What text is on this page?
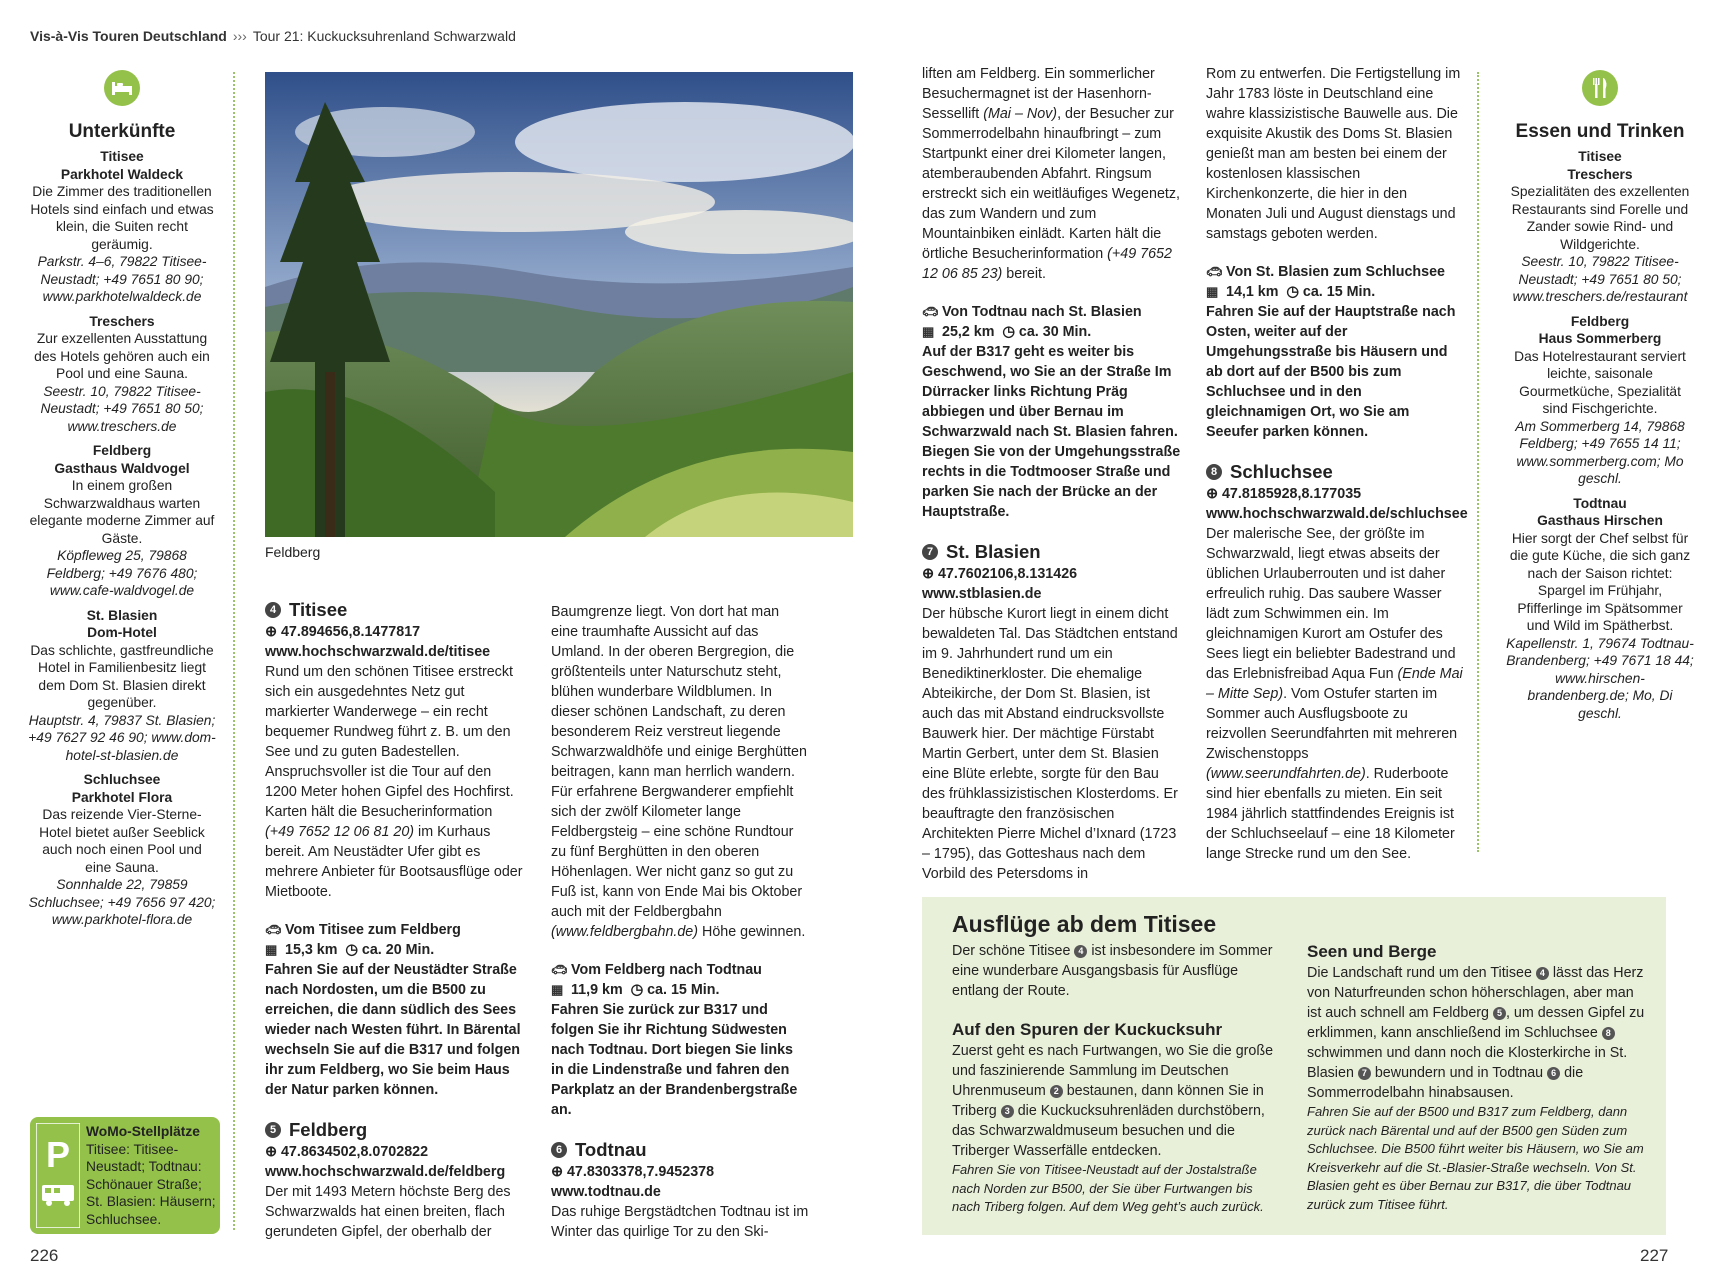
Vis-à-Vis Touren Deutschland ››› Tour 21: Kuckucksuhrenland Schwarzwald
Unterkünfte
Titisee
Parkhotel Waldeck
Die Zimmer des traditionellen Hotels sind einfach und etwas klein, die Suiten recht geräumig.
Parkstr. 4–6, 79822 Titisee-Neustadt; +49 7651 80 90; www.parkhotelwaldeck.de
Treschers
Zur exzellenten Ausstattung des Hotels gehören auch ein Pool und eine Sauna.
Seestr. 10, 79822 Titisee-Neustadt; +49 7651 80 50; www.treschers.de
Feldberg
Gasthaus Waldvogel
In einem großen Schwarzwaldhaus warten elegante moderne Zimmer auf Gäste.
Köpfleweg 25, 79868 Feldberg; +49 7676 480; www.cafe-waldvogel.de
St. Blasien
Dom-Hotel
Das schlichte, gastfreundliche Hotel in Familienbesitz liegt dem Dom St. Blasien direkt gegenüber.
Hauptstr. 4, 79837 St. Blasien; +49 7627 92 46 90; www.dom-hotel-st-blasien.de
Schluchsee
Parkhotel Flora
Das reizende Vier-Sterne-Hotel bietet außer Seeblick auch noch einen Pool und eine Sauna.
Sonnhalde 22, 79859 Schluchsee; +49 7656 97 420; www.parkhotel-flora.de
P
WoMo-Stellplätze
Titisee: Titisee-Neustadt; Todtnau: Schönauer Straße; St. Blasien: Häusern; Schluchsee.
226	227
Feldberg
4 Titisee
⊕ 47.894656,8.1477817
www.hochschwarzwald.de/titisee

Rund um den schönen Titisee erstreckt sich ein ausgedehntes Netz gut markierter Wanderwege – ein recht bequemer Rundweg führt z. B. um den See und zu guten Badestellen. Anspruchsvoller ist die Tour auf den 1200 Meter hohen Gipfel des Hochfirst. Karten hält die Besucherinformation (+49 7652 12 06 81 20) im Kurhaus bereit. Am Neustädter Ufer gibt es mehrere Anbieter für Bootsausflüge oder Mietboote.

🚗︎ Vom Titisee zum Feldberg
▦ 15,3 km ◷ ca. 20 Min.
Fahren Sie auf der Neustädter Straße nach Nordosten, um die B500 zu erreichen, die dann südlich des Sees wieder nach Westen führt. In Bärental wechseln Sie auf die B317 und folgen ihr zum Feldberg, wo Sie beim Haus der Natur parken können.
5 Feldberg
⊕ 47.8634502,8.0702822
www.hochschwarzwald.de/feldberg

Der mit 1493 Metern höchste Berg des Schwarzwalds hat einen breiten, flach gerundeten Gipfel, der oberhalb der

Baumgrenze liegt. Von dort hat man eine traumhafte Aussicht auf das Umland. In der oberen Bergregion, die größtenteils unter Naturschutz steht, blühen wunderbare Wildblumen. In dieser schönen Landschaft, zu deren besonderem Reiz verstreut liegende Schwarzwaldhöfe und einige Berghütten beitragen, kann man herrlich wandern. Für erfahrene Bergwanderer empfiehlt sich der zwölf Kilometer lange Feldbergsteig – eine schöne Rundtour zu fünf Berghütten in den oberen Höhenlagen. Wer nicht ganz so gut zu Fuß ist, kann von Ende Mai bis Oktober auch mit der Feldbergbahn (www.feldbergbahn.de) Höhe gewinnen.

🚗︎ Vom Feldberg nach Todtnau
▦ 11,9 km ◷ ca. 15 Min.
Fahren Sie zurück zur B317 und folgen Sie ihr Richtung Südwesten nach Todtnau. Dort biegen Sie links in die Lindenstraße und fahren den Parkplatz an der Brandenbergstraße an.
6 Todtnau
⊕ 47.8303378,7.9452378
www.todtnau.de

Das ruhige Bergstädtchen Todtnau ist im Winter das quirlige Tor zu den Ski-

liften am Feldberg. Ein sommerlicher Besuchermagnet ist der Hasenhorn-Sessellift (Mai – Nov), der Besucher zur Sommerrodelbahn hinaufbringt – zum Startpunkt einer drei Kilometer langen, atemberaubenden Abfahrt. Ringsum erstreckt sich ein weitläufiges Wegenetz, das zum Wandern und zum Mountainbiken einlädt. Karten hält die örtliche Besucherinformation (+49 7652 12 06 85 23) bereit.

🚗︎ Von Todtnau nach St. Blasien
▦ 25,2 km ◷ ca. 30 Min.
Auf der B317 geht es weiter bis Geschwend, wo Sie an der Straße Im Dürracker links Richtung Präg abbiegen und über Bernau im Schwarzwald nach St. Blasien fahren. Biegen Sie von der Umgehungsstraße rechts in die Todtmooser Straße und parken Sie nach der Brücke an der Hauptstraße.
7 St. Blasien
⊕ 47.7602106,8.131426
www.stblasien.de

Der hübsche Kurort liegt in einem dicht bewaldeten Tal. Das Städtchen entstand im 9. Jahrhundert rund um ein Benediktinerkloster. Die ehemalige Abteikirche, der Dom St. Blasien, ist auch das mit Abstand eindrucksvollste Bauwerk hier. Der mächtige Fürstabt Martin Gerbert, unter dem St. Blasien eine Blüte erlebte, sorgte für den Bau des frühklassizistischen Klosterdoms. Er beauftragte den französischen Architekten Pierre Michel d’Ixnard (1723 – 1795), das Gotteshaus nach dem Vorbild des Petersdoms in

Rom zu entwerfen. Die Fertigstellung im Jahr 1783 löste in Deutschland eine wahre klassizistische Bauwelle aus. Die exquisite Akustik des Doms St. Blasien genießt man am besten bei einem der kostenlosen klassischen Kirchenkonzerte, die hier in den Monaten Juli und August dienstags und samstags geboten werden.

🚗︎ Von St. Blasien zum Schluchsee
▦ 14,1 km ◷ ca. 15 Min.
Fahren Sie auf der Hauptstraße nach Osten, weiter auf der Umgehungsstraße bis Häusern und ab dort auf der B500 bis zum Schluchsee und in den gleichnamigen Ort, wo Sie am Seeufer parken können.
8 Schluchsee
⊕ 47.8185928,8.177035
www.hochschwarzwald.de/schluchsee

Der malerische See, der größte im Schwarzwald, liegt etwas abseits der üblichen Urlauberrouten und ist daher erfreulich ruhig. Das saubere Wasser lädt zum Schwimmen ein. Im gleichnamigen Kurort am Ostufer des Sees liegt ein beliebter Badestrand und das Erlebnisfreibad Aqua Fun (Ende Mai – Mitte Sep). Vom Ostufer starten im Sommer auch Ausflugsboote zu reizvollen Seerundfahrten mit mehreren Zwischenstopps (www.seerundfahrten.de). Ruderboote sind hier ebenfalls zu mieten. Ein seit 1984 jährlich stattfindendes Ereignis ist der Schluchseelauf – eine 18 Kilometer lange Strecke rund um den See.

Essen und Trinken
Titisee
Treschers
Spezialitäten des exzellenten Restaurants sind Forelle und Zander sowie Rind- und Wildgerichte.
Seestr. 10, 79822 Titisee-Neustadt; +49 7651 80 50; www.treschers.de/restaurant
Feldberg
Haus Sommerberg
Das Hotelrestaurant serviert leichte, saisonale Gourmetküche, Spezialität sind Fischgerichte.
Am Sommerberg 14, 79868 Feldberg; +49 7655 14 11; www.sommerberg.com; Mo geschl.
Todtnau
Gasthaus Hirschen
Hier sorgt der Chef selbst für die gute Küche, die sich ganz nach der Saison richtet: Spargel im Frühjahr, Pfifferlinge im Spätsommer und Wild im Spätherbst.
Kapellenstr. 1, 79674 Todtnau-Brandenberg; +49 7671 18 44; www.hirschen-brandenberg.de; Mo, Di geschl.
Ausflüge ab dem Titisee

Der schöne Titisee 4 ist insbesondere im Sommer eine wunderbare Ausgangsbasis für Ausflüge entlang der Route.

Auf den Spuren der Kuckucksuhr

Zuerst geht es nach Furtwangen, wo Sie die große und faszinierende Sammlung im Deutschen Uhrenmuseum 2 bestaunen, dann können Sie in Triberg 3 die Kuckucksuhrenläden durchstöbern, das Schwarzwaldmuseum besuchen und die Triberger Wasserfälle entdecken.

Fahren Sie von Titisee-Neustadt auf der Jostalstraße nach Norden zur B500, der Sie über Furtwangen bis nach Triberg folgen. Auf dem Weg geht’s auch zurück.

Seen und Berge

Die Landschaft rund um den Titisee 4 lässt das Herz von Naturfreunden schon höherschlagen, aber man ist auch schnell am Feldberg 5 , um dessen Gipfel zu erklimmen, kann anschließend im Schluchsee 8 schwimmen und dann noch die Klosterkirche in St. Blasien 7 bewundern und in Todtnau 6 die Sommerrodelbahn hinabsausen.

Fahren Sie auf der B500 und B317 zum Feldberg, dann zurück nach Bärental und auf der B500 gen Süden zum Schluchsee. Die B500 führt weiter bis Häusern, wo Sie am Kreisverkehr auf die St.-Blasier-Straße wechseln. Von St. Blasien geht es über Bernau zur B317, die über Todtnau zurück zum Titisee führt.
